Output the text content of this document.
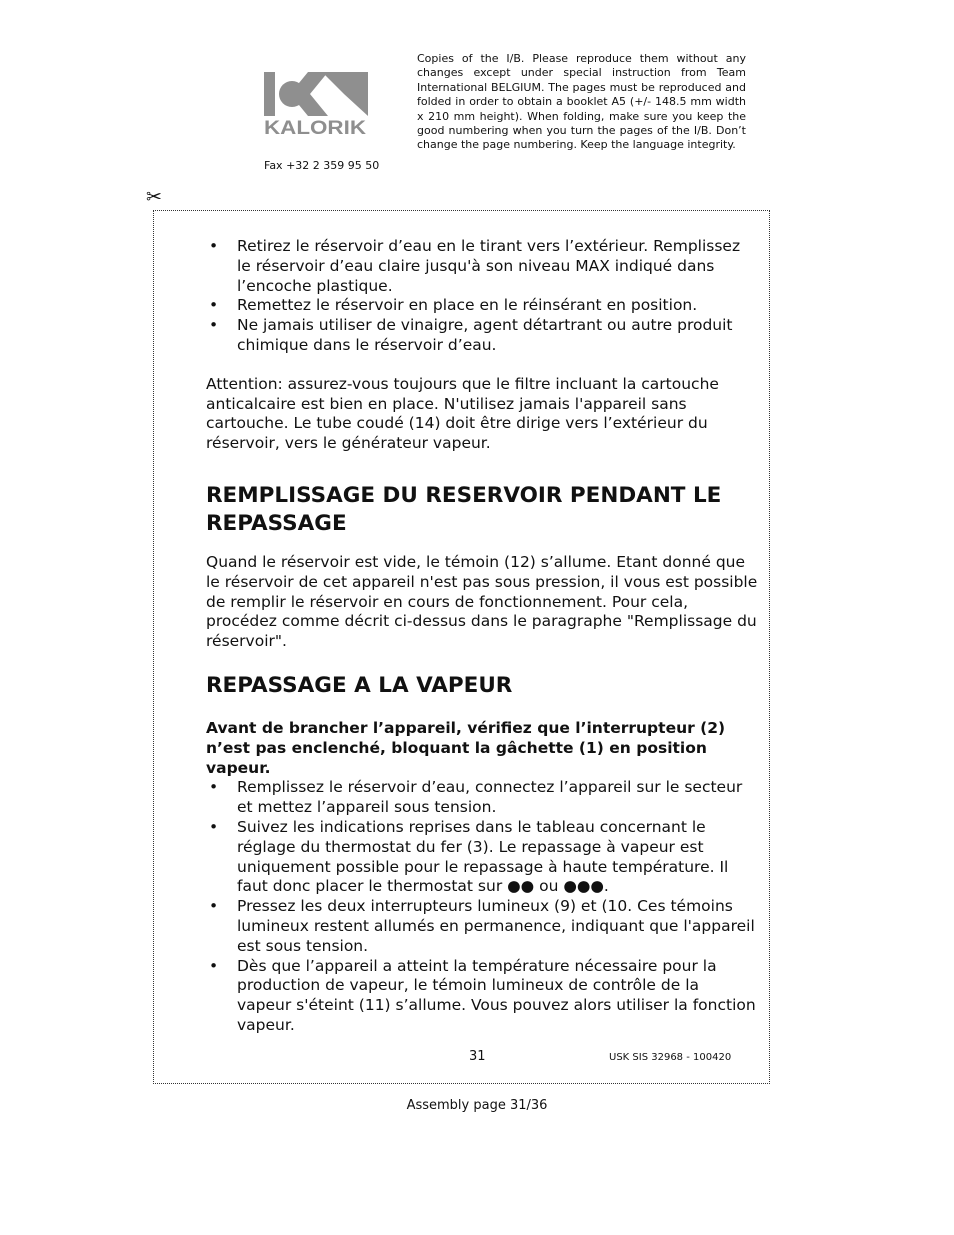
KALORIK
Fax +32 2 359 95 50
Copies of the I/B. Please reproduce them without any changes except under special instruction from Team International BELGIUM. The pages must be reproduced and folded in order to obtain a booklet A5 (+/- 148.5 mm width x 210 mm height). When folding, make sure you keep the good numbering when you turn the pages of the I/B. Don’t change the page numbering. Keep the language integrity.
✂
• Retirez le réservoir d’eau en le tirant vers l’extérieur. Remplissez le réservoir d’eau claire jusqu'à son niveau MAX indiqué dans l’encoche plastique.
• Remettez le réservoir en place en le réinsérant en position.
• Ne jamais utiliser de vinaigre, agent détartrant ou autre produit chimique dans le réservoir d’eau.

Attention: assurez-vous toujours que le filtre incluant la cartouche anticalcaire est bien en place. N'utilisez jamais l'appareil sans cartouche. Le tube coudé (14) doit être dirige vers l’extérieur du réservoir, vers le générateur vapeur.

REMPLISSAGE DU RESERVOIR PENDANT LE REPASSAGE

Quand le réservoir est vide, le témoin (12) s’allume. Etant donné que le réservoir de cet appareil n'est pas sous pression, il vous est possible de remplir le réservoir en cours de fonctionnement. Pour cela, procédez comme décrit ci-dessus dans le paragraphe "Remplissage du réservoir".

REPASSAGE A LA VAPEUR

Avant de brancher l’appareil, vérifiez que l’interrupteur (2) n’est pas enclenché, bloquant la gâchette (1) en position vapeur.

• Remplissez le réservoir d’eau, connectez l’appareil sur le secteur et mettez l’appareil sous tension.
• Suivez les indications reprises dans le tableau concernant le réglage du thermostat du fer (3). Le repassage à vapeur est uniquement possible pour le repassage à haute température. Il faut donc placer le thermostat sur ●● ou ●●●.
• Pressez les deux interrupteurs lumineux (9) et (10. Ces témoins lumineux restent allumés en permanence, indiquant que l'appareil est sous tension.
• Dès que l’appareil a atteint la température nécessaire pour la production de vapeur, le témoin lumineux de contrôle de la vapeur s'éteint (11) s’allume. Vous pouvez alors utiliser la fonction vapeur.
31	USK SIS 32968 - 100420
Assembly page 31/36
